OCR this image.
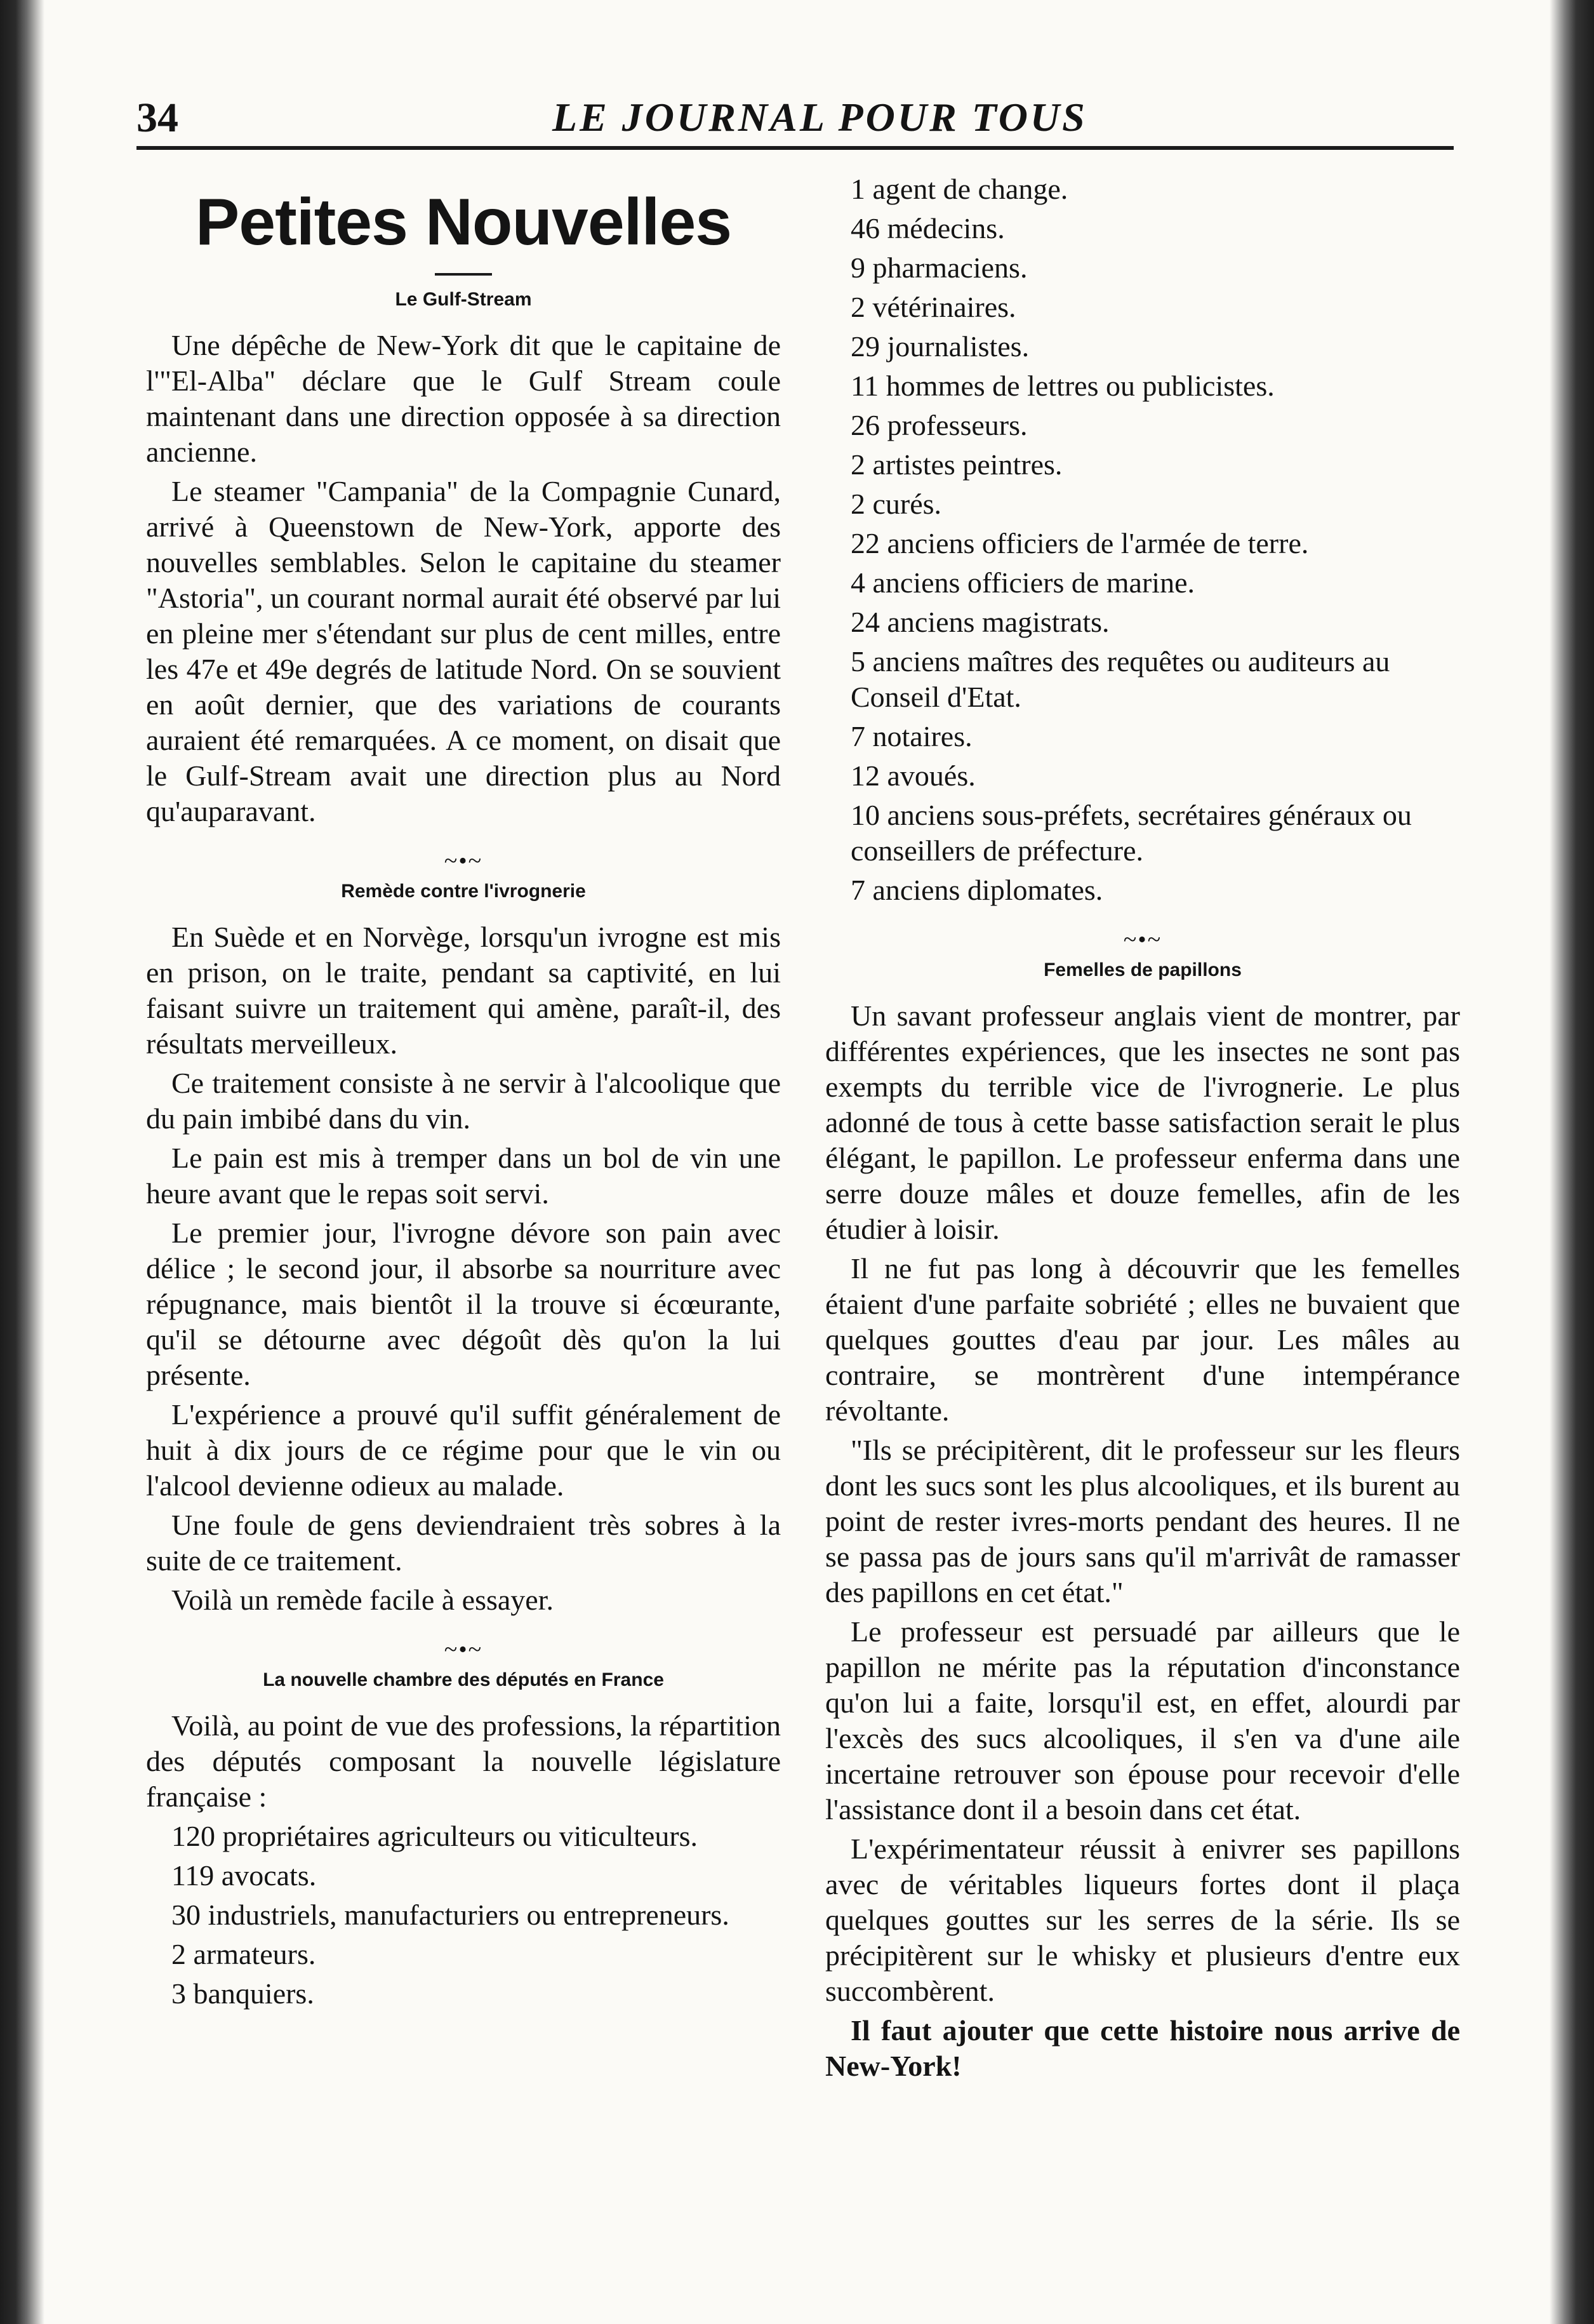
34	LE JOURNAL POUR TOUS
Petites Nouvelles
Le Gulf-Stream

Une dépêche de New-York dit que le capitaine de l'"El-Alba" déclare que le Gulf Stream coule maintenant dans une direction opposée à sa direction ancienne.

Le steamer "Campania" de la Compagnie Cunard, arrivé à Queenstown de New-York, apporte des nouvelles semblables. Selon le capitaine du steamer "Astoria", un courant normal aurait été observé par lui en pleine mer s'étendant sur plus de cent milles, entre les 47e et 49e degrés de latitude Nord. On se souvient en août dernier, que des variations de courants auraient été remarquées. A ce moment, on disait que le Gulf-Stream avait une direction plus au Nord qu'auparavant.

~•~
Remède contre l'ivrognerie

En Suède et en Norvège, lorsqu'un ivrogne est mis en prison, on le traite, pendant sa captivité, en lui faisant suivre un traitement qui amène, paraît-il, des résultats merveilleux.

Ce traitement consiste à ne servir à l'alcoolique que du pain imbibé dans du vin.

Le pain est mis à tremper dans un bol de vin une heure avant que le repas soit servi.

Le premier jour, l'ivrogne dévore son pain avec délice ; le second jour, il absorbe sa nourriture avec répugnance, mais bientôt il la trouve si écœurante, qu'il se détourne avec dégoût dès qu'on la lui présente.

L'expérience a prouvé qu'il suffit généralement de huit à dix jours de ce régime pour que le vin ou l'alcool devienne odieux au malade.

Une foule de gens deviendraient très sobres à la suite de ce traitement.

Voilà un remède facile à essayer.

~•~
La nouvelle chambre des députés en France

Voilà, au point de vue des professions, la répartition des députés composant la nouvelle législature française :

120 propriétaires agriculteurs ou viticulteurs.
119 avocats.
30 industriels, manufacturiers ou entrepreneurs.
2 armateurs.
3 banquiers.
1 agent de change.
46 médecins.
9 pharmaciens.
2 vétérinaires.
29 journalistes.
11 hommes de lettres ou publicistes.
26 professeurs.
2 artistes peintres.
2 curés.
22 anciens officiers de l'armée de terre.
4 anciens officiers de marine.
24 anciens magistrats.
5 anciens maîtres des requêtes ou auditeurs au Conseil d'Etat.
7 notaires.
12 avoués.
10 anciens sous-préfets, secrétaires généraux ou conseillers de préfecture.
7 anciens diplomates.
~•~
Femelles de papillons

Un savant professeur anglais vient de montrer, par différentes expériences, que les insectes ne sont pas exempts du terrible vice de l'ivrognerie. Le plus adonné de tous à cette basse satisfaction serait le plus élégant, le papillon. Le professeur enferma dans une serre douze mâles et douze femelles, afin de les étudier à loisir.

Il ne fut pas long à découvrir que les femelles étaient d'une parfaite sobriété ; elles ne buvaient que quelques gouttes d'eau par jour. Les mâles au contraire, se montrèrent d'une intempérance révoltante.

"Ils se précipitèrent, dit le professeur sur les fleurs dont les sucs sont les plus alcooliques, et ils burent au point de rester ivres-morts pendant des heures. Il ne se passa pas de jours sans qu'il m'arrivât de ramasser des papillons en cet état."

Le professeur est persuadé par ailleurs que le papillon ne mérite pas la réputation d'inconstance qu'on lui a faite, lorsqu'il est, en effet, alourdi par l'excès des sucs alcooliques, il s'en va d'une aile incertaine retrouver son épouse pour recevoir d'elle l'assistance dont il a besoin dans cet état.

L'expérimentateur réussit à enivrer ses papillons avec de véritables liqueurs fortes dont il plaça quelques gouttes sur les serres de la série. Ils se précipitèrent sur le whisky et plusieurs d'entre eux succombèrent.

Il faut ajouter que cette histoire nous arrive de New-York!
